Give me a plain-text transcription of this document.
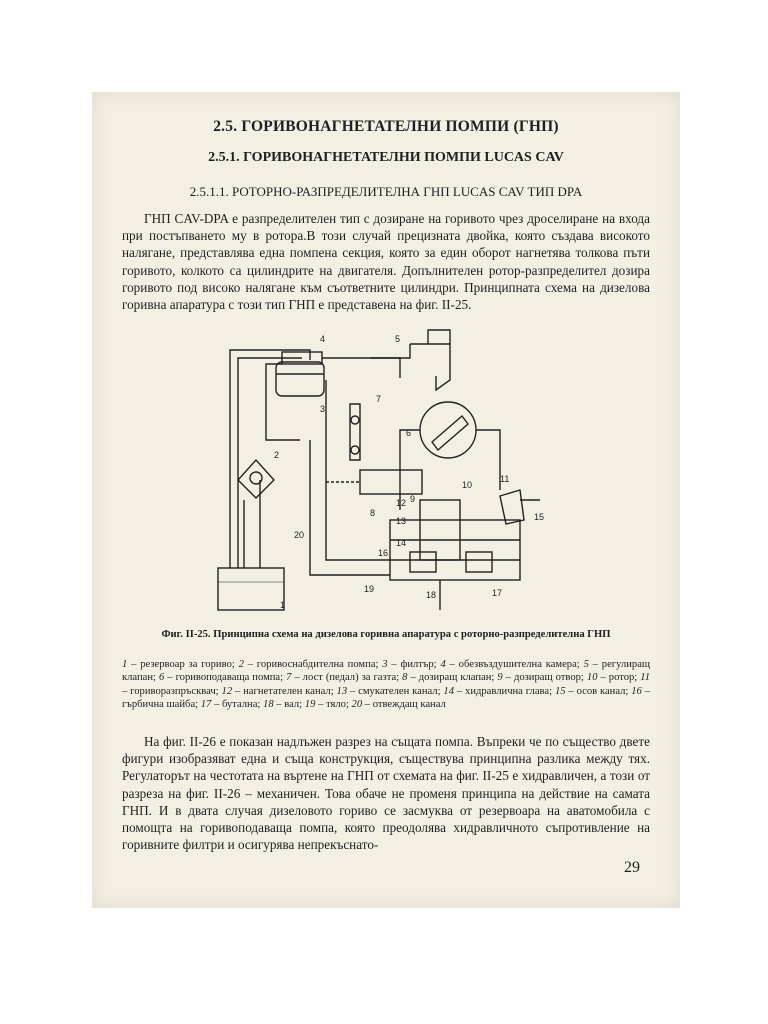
2.5. ГОРИВОНАГНЕТАТЕЛНИ ПОМПИ (ГНП)
2.5.1. ГОРИВОНАГНЕТАТЕЛНИ ПОМПИ LUCAS CAV
2.5.1.1. РОТОРНО-РАЗПРЕДЕЛИТЕЛНА ГНП LUCAS CAV ТИП DPA

ГНП CAV-DPA е разпределителен тип с дозиране на горивото чрез дроселиране на входа при постъпването му в ротора.В този случай прецизната двойка, която създава високото налягане, представлява една помпена секция, която за един оборот нагнетява толкова пъти горивото, колкото са цилиндрите на двигателя. Допълнителен ротор-разпределител дозира горивото под високо налягане към съответните цилиндри. Принципната схема на дизелова горивна апаратура с този тип ГНП е представена на фиг. II-25.

1
2
3
4	5
6
7
8
9
10
11
12
13
14
15
16
17
18
19
20
Фиг. II-25. Принципна схема на дизелова горивна апаратура с роторно-разпределителна ГНП
1 – резервоар за гориво; 2 – горивоснабдителна помпа; 3 – филтър; 4 – обезвъздушителна камера; 5 – регулиращ клапан; 6 – горивоподаваща помпа; 7 – лост (педал) за газта; 8 – дозиращ клапан; 9 – дозиращ отвор; 10 – ротор; 11 – гориворазпръсквач; 12 – нагнетателен канал; 13 – смукателен канал; 14 – хидравлична глава; 15 – осов канал; 16 – гърбична шайба; 17 – бутална; 18 – вал; 19 – тяло; 20 – отвеждащ канал

На фиг. II-26 е показан надлъжен разрез на същата помпа. Въпреки че по същество двете фигури изобразяват една и съща конструкция, съществува принципна разлика между тях. Регулаторът на честотата на въртене на ГНП от схемата на фиг. II-25 е хидравличен, а този от разреза на фиг. II-26 – механичен. Това обаче не променя принципа на действие на самата ГНП. И в двата случая дизеловото гориво се засмуква от резервоара на аватомобила с помощта на горивоподаваща помпа, която преодолява хидравличното съпротивление на горивните филтри и осигурява непрекъснато-

29
